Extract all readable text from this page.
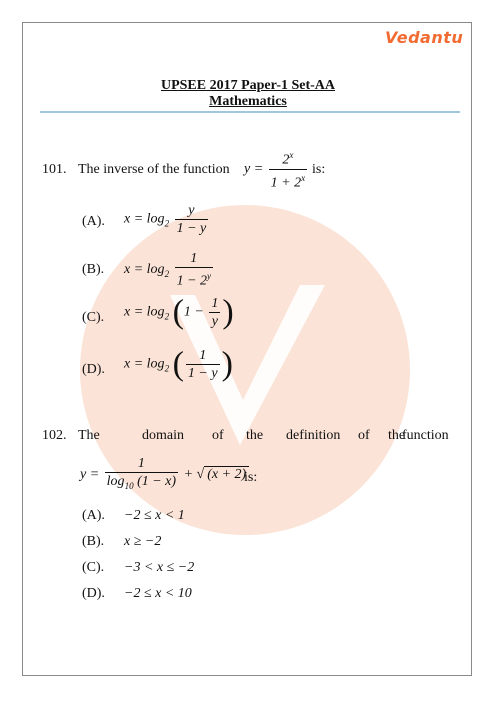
Vedantu
UPSEE 2017 Paper-1 Set-AA
Mathematics
101. The inverse of the function $y = \frac{2^x}{1 + 2^x}$ is:
(A). $x = \log_2 \frac{y}{1 - y}$
(B). $x = \log_2 \frac{1}{1 - 2^y}$
(C). $x = \log_2 (1 - \frac{1}{y}$ )
(D). $x = \log_2$ ( $\frac{1}{1 - y}$ )
102. The	domain of the definition of the
function
$y = \frac{1}{\log_{10} (1 - x)}$ + √ (x + 2)
is:
(A). −2 ≤ x < 1
(B). x ≥ −2
(C). −3 < x ≤ −2
(D). −2 ≤ x < 10
